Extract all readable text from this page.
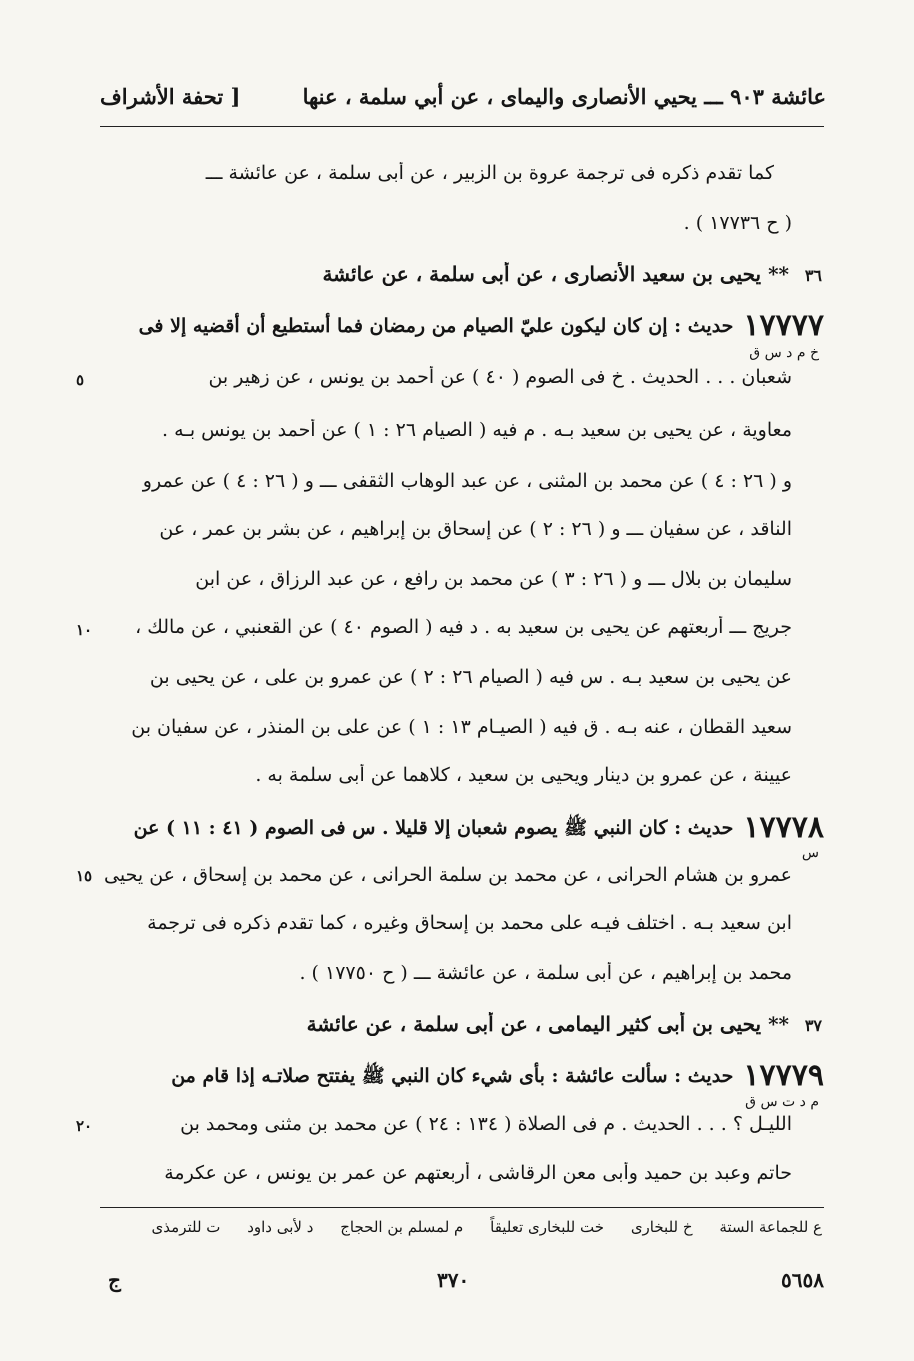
عائشة ٩٠٣ ـــ يحيي الأنصارى واليماى ، عن أبي سلمة ، عنها
[ تحفة الأشراف
كما تقدم ذكره فى ترجمة عروة بن الزبير ، عن أبى سلمة ، عن عائشة ـــ
( ح ١٧٧٣٦ ) .
٣٦
** يحيى بن سعيد الأنصارى ، عن أبى سلمة ، عن عائشة
١٧٧٧٧حديث : إن كان ليكون عليّ الصيام من رمضان فما أستطيع أن أقضيه إلا فى
خ م د س ق
شعبان . . . الحديث . خ فى الصوم ( ٤٠ ) عن أحمد بن يونس ، عن زهير بن
٥
معاوية ، عن يحيى بن سعيد بـه . م فيه ( الصيام ٢٦ : ١ ) عن أحمد بن يونس بـه .
و ( ٢٦ : ٤ ) عن محمد بن المثنى ، عن عبد الوهاب الثقفى ـــ و ( ٢٦ : ٤ ) عن عمرو
الناقد ، عن سفيان ـــ و ( ٢٦ : ٢ ) عن إسحاق بن إبراهيم ، عن بشر بن عمر ، عن
سليمان بن بلال ـــ و ( ٢٦ : ٣ ) عن محمد بن رافع ، عن عبد الرزاق ، عن ابن
جريج ـــ أربعتهم عن يحيى بن سعيد به . د فيه ( الصوم ٤٠ ) عن القعنبي ، عن مالك ،
١٠
عن يحيى بن سعيد بـه . س فيه ( الصيام ٢٦ : ٢ ) عن عمرو بن على ، عن يحيى بن
سعيد القطان ، عنه بـه . ق فيه ( الصيـام ١٣ : ١ ) عن على بن المنذر ، عن سفيان بن
عيينة ، عن عمرو بن دينار ويحيى بن سعيد ، كلاهما عن أبى سلمة به .
١٧٧٧٨حديث : كان النبي ﷺ يصوم شعبان إلا قليلا . س فى الصوم ( ٤١ : ١١ ) عن
س
عمرو بن هشام الحرانى ، عن محمد بن سلمة الحرانى ، عن محمد بن إسحاق ، عن يحيى
١٥
ابن سعيد بـه . اختلف فيـه على محمد بن إسحاق وغيره ، كما تقدم ذكره فى ترجمة
محمد بن إبراهيم ، عن أبى سلمة ، عن عائشة ـــ ( ح ١٧٧٥٠ ) .
٣٧
** يحيى بن أبى كثير اليمامى ، عن أبى سلمة ، عن عائشة
١٧٧٧٩حديث : سألت عائشة : بأى شيء كان النبي ﷺ يفتتح صلاتـه إذا قام من
م د ت س ق
الليـل ؟ . . . الحديث . م فى الصلاة ( ١٣٤ : ٢٤ ) عن محمد بن مثنى ومحمد بن
٢٠
حاتم وعبد بن حميد وأبى معن الرقاشى ، أربعتهم عن عمر بن يونس ، عن عكرمة
ع للجماعة الستة خ للبخارى خت للبخارى تعليقاً م لمسلم بن الحجاج د لأبى داود ت للترمذى
٥٦٥٨
٣٧٠
ج
